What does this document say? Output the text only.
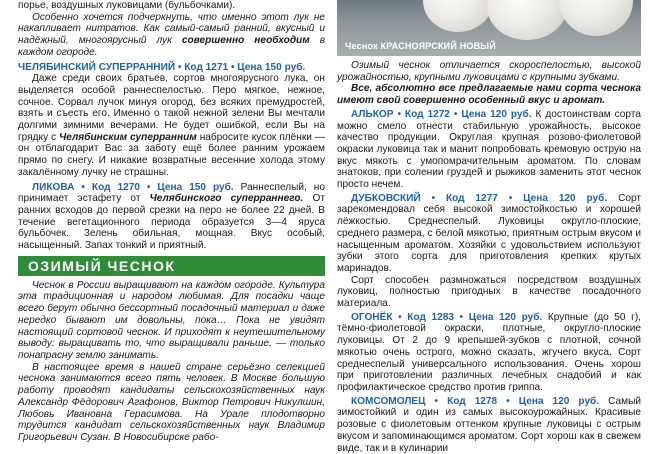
порье, воздушных луковицами (бульбочками).

Особенно хочется подчеркнуть, что именно этот лук не накапливает нитратов. Как самый-самый ранний, вкусный и надёжный, многоярусный лук совершенно необходим в каждом огороде.

ЧЕЛЯБИНСКИЙ СУПЕРРАННИЙ • Код 1271 • Цена 150 руб.

Даже среди своих братьев, сортов многоярусного лука, он выделяется особой раннеспелостью. Перо мягкое, нежное, сочное. Сорвал лучок минуя огород, без всяких премудростей, взять и съесть его. Именно о такой нежной зелени Вы мечтали долгими зимними вечерами. Не будет ошибкой, если Вы на грядку с Челябинским суперранним набросите кусок плёнки — он отблагодарит Вас за заботу ещё более ранним урожаем прямо по снегу. И никакие возвратные весенние холода этому закалённому лучку не страшны.

ЛИКОВА • Код 1270 • Цена 150 руб. Раннеспелый, но принимает эстафету от Челябинского суперраннего. От ранних всходов до первой срезки на перо не более 22 дней. В течение вегетационного периода образуется 3—4 яруса бульбочек. Зелень обильная, мощная. Вкус особый, насыщенный. Запах тонкий и приятный.

ОЗИМЫЙ ЧЕСНОК

Чеснок в России выращивают на каждом огороде. Культура эта традиционная и народом любимая. Для посадки чаще всего берут обычно бессортный посадочный материал и даже нередко бывают им довольны, пока… Пока не увидят настоящий сортовой чеснок. И приходят к неутешительному выводу: выращивать то, что выращивали раньше, — только понапрасну землю занимать.

В настоящее время в нашей стране серьёзно селекцией чеснока занимаются всего пять человек. В Москве большую работу проводят кандидаты сельскохозяйственных наук Александр Фёдорович Агафонов, Виктор Петрович Никулшин, Любовь Ивановна Герасимова. На Урале плодотворно трудится кандидат сельскохозяйственных наук Владимир Григорьевич Сузан. В Новосибирске рабо-

Чеснок КРАСНОЯРСКИЙ НОВЫЙ

Озимый чеснок отличается скороспелостью, высокой урожайностью, крупными луковицами с крупными зубками.

Все, абсолютно все предлагаемые нами сорта чеснока имеют свой совершенно особенный вкус и аромат.

АЛЬКОР • Код 1272 • Цена 120 руб. К достоинствам сорта можно смело отнести стабильную урожайность, высокое качество продукции. Округлая крупная розово-фиолетовой окраски луковица так и манит попробовать кремовую острую на вкус мякоть с умопомрачительным ароматом. По словам знатоков, при солении груздей и рыжиков заменить этот чеснок просто нечем.

ДУБКОВСКИЙ • Код 1277 • Цена 120 руб. Сорт зарекомендовал себя высокой зимостойкостью и хорошей лёжкостью. Среднеспелый. Луковицы округло-плоские, среднего размера, с белой мякотью, приятным острым вкусом и насыщенным ароматом. Хозяйки с удовольствием используют зубки этого сорта для приготовления крепких крутых маринадов.

Сорт способен размножаться посредством воздушных луковиц, полностью пригодных в качестве посадочного материала.

ОГОНЁК • Код 1283 • Цена 120 руб. Крупные (до 50 г), тёмно-фиолетовой окраски, плотные, округло-плоские луковицы. От 2 до 9 крепышей-зубков с плотной, сочной мякотью очень острого, можно сказать, жгучего вкуса. Сорт среднеспелый универсального использования. Очень хорош при приготовлении различных лечебных снадобий и как профилактическое средство против гриппа.

КОМСОМОЛЕЦ • Код 1278 • Цена 120 руб. Самый зимостойкий и один из самых высокоурожайных. Красивые розовые с фиолетовым оттенком крупные луковицы с острым вкусом и запоминающимся ароматом. Сорт хорош как в свежем виде, так и в кулинарии
